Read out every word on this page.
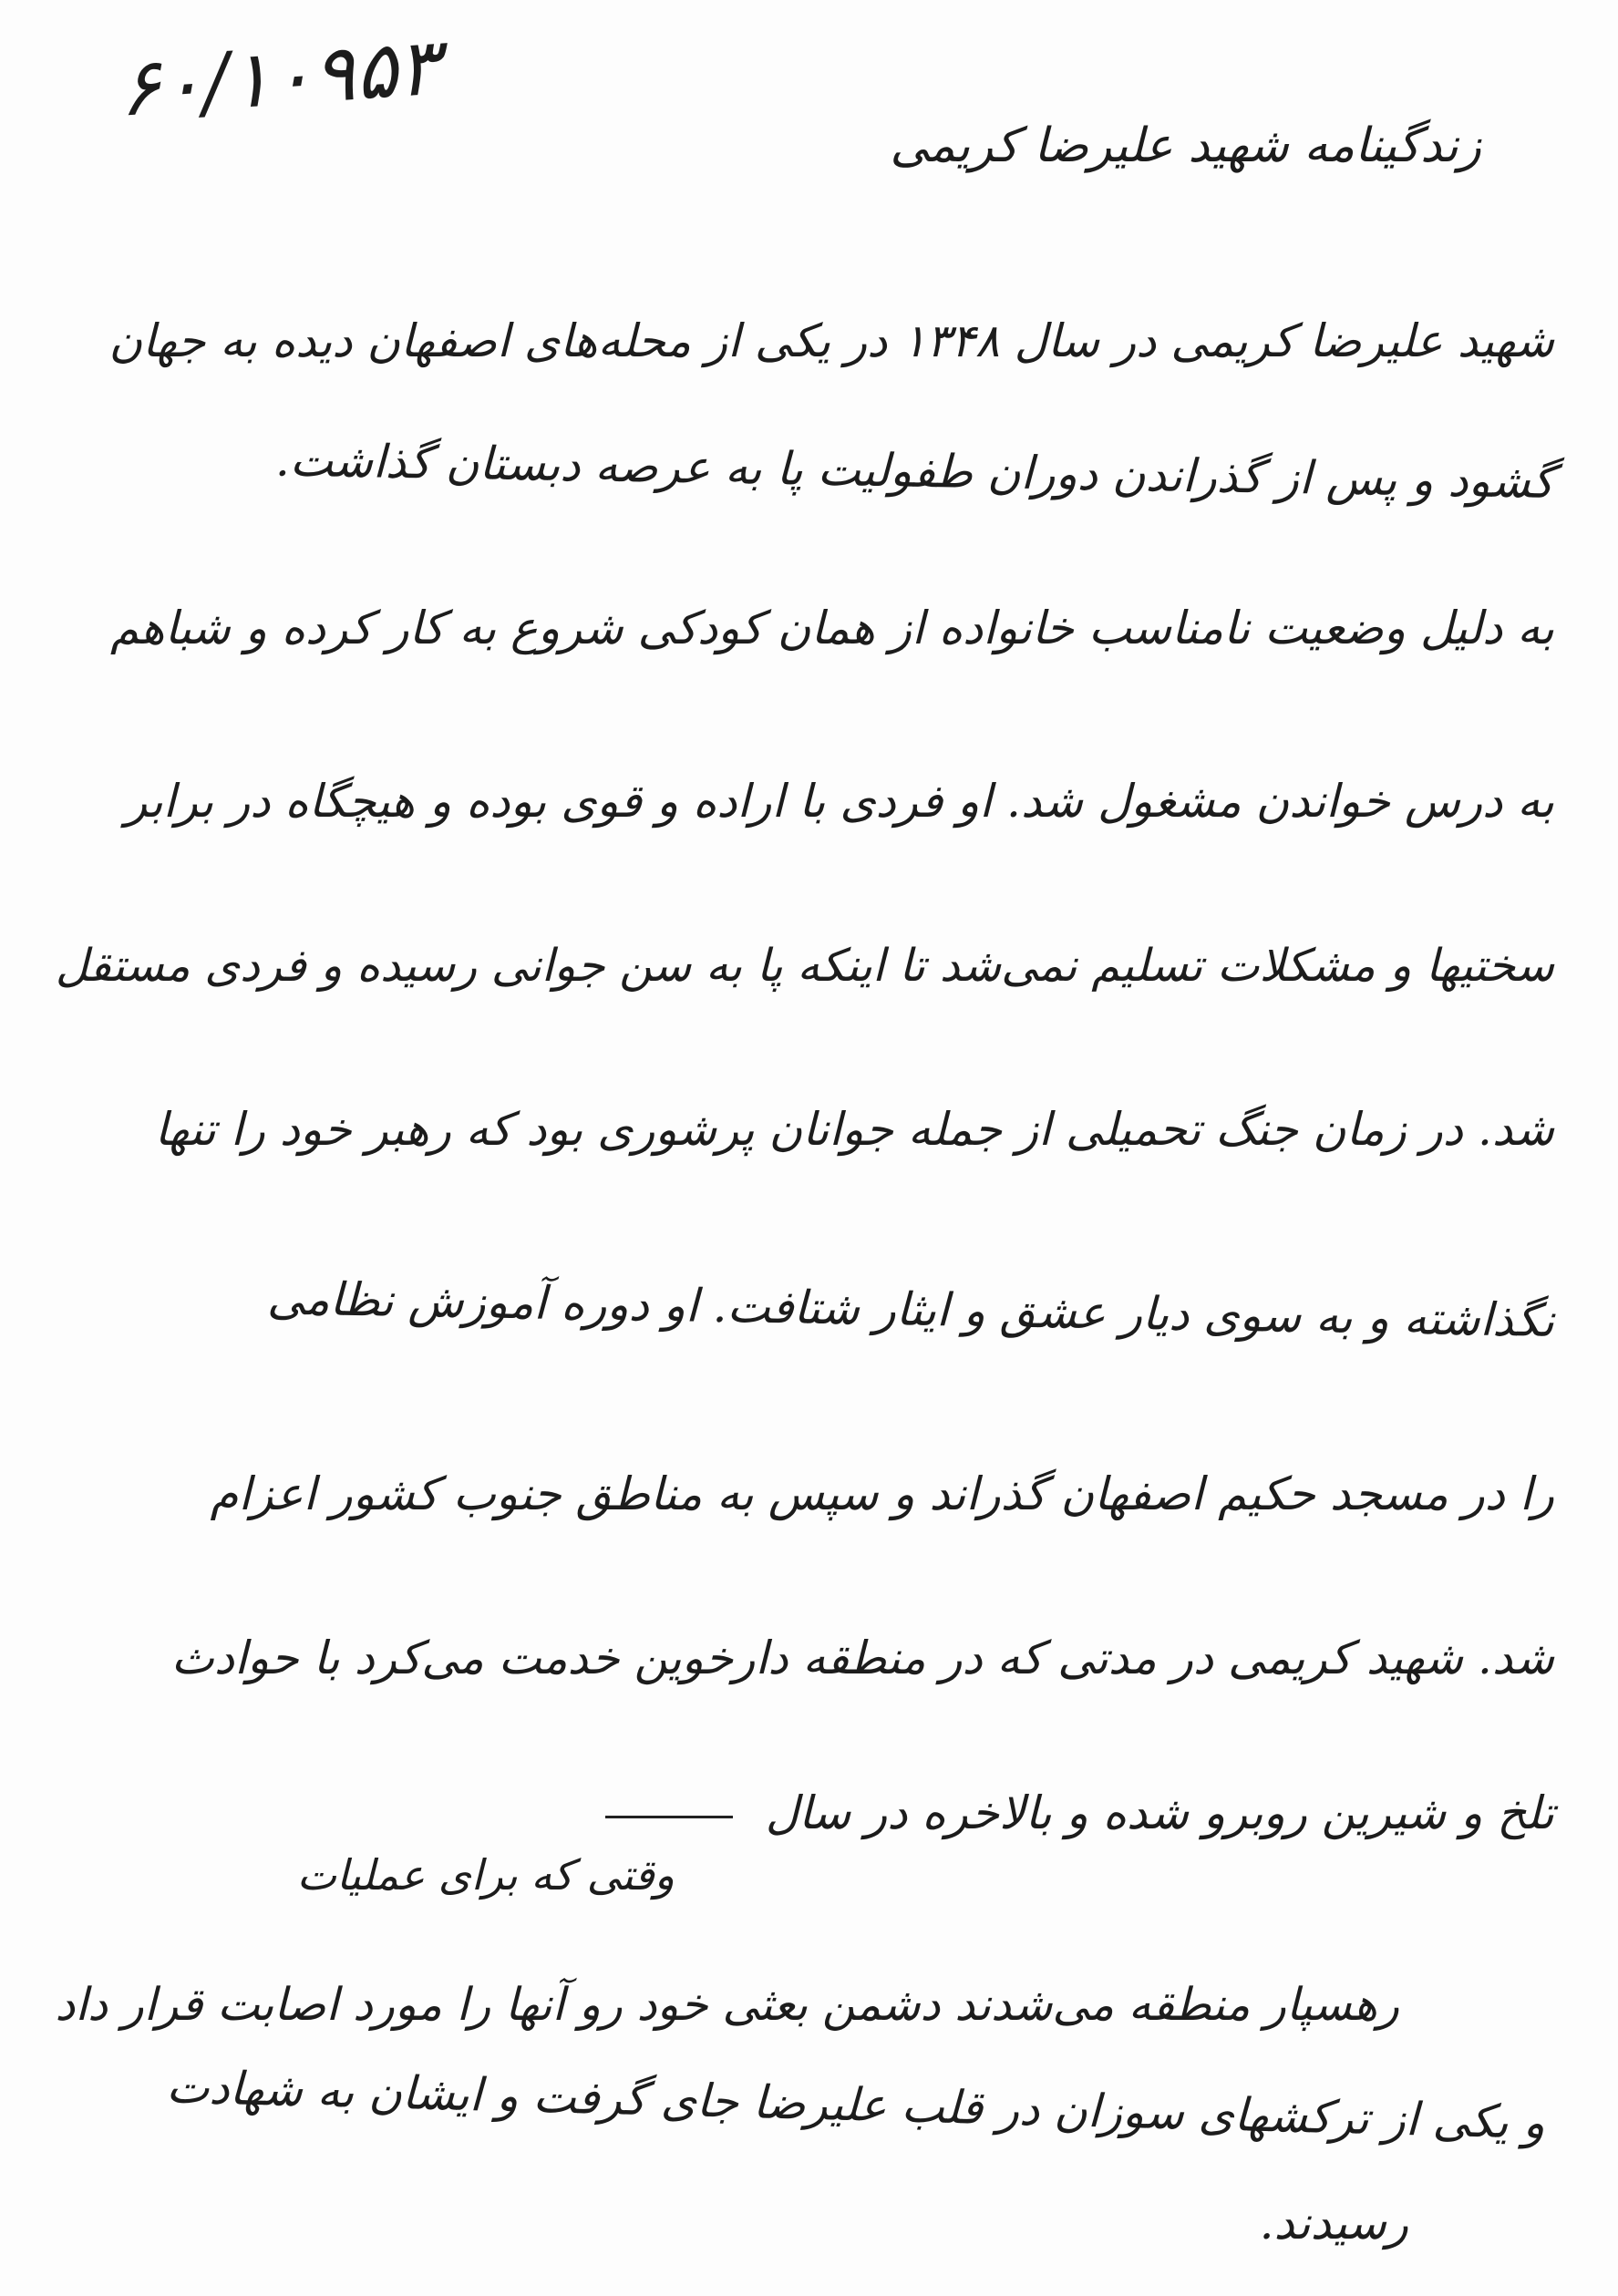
۶۰/۱۰۹۵۳
زندگینامه شهید علیرضا کریمی
شهید علیرضا کریمی در سال ۱۳۴۸ در یکی از محله‌های اصفهان دیده به جهان
گشود و پس از گذراندن دوران طفولیت پا به عرصه دبستان گذاشت.
به دلیل وضعیت نامناسب خانواده از همان کودکی شروع به کار کرده و شباهم
به درس خواندن مشغول شد. او فردی با اراده و قوی بوده و هیچگاه در برابر
سختیها و مشکلات تسلیم نمی‌شد تا اینکه پا به سن جوانی رسیده و فردی مستقل
شد. در زمان جنگ تحمیلی از جمله جوانان پرشوری بود که رهبر خود را تنها
نگذاشته و به سوی دیار عشق و ایثار شتافت. او دوره آموزش نظامی
را در مسجد حکیم اصفهان گذراند و سپس به مناطق جنوب کشور اعزام
شد. شهید کریمی در مدتی که در منطقه دارخوین خدمت می‌کرد با حوادث
تلخ و شیرین روبرو شده و بالاخره در سال
وقتی که برای عملیات
رهسپار منطقه می‌شدند دشمن بعثی خود رو آنها را مورد اصابت قرار داد
و یکی از ترکشهای سوزان در قلب علیرضا جای گرفت و ایشان به شهادت
رسیدند.
